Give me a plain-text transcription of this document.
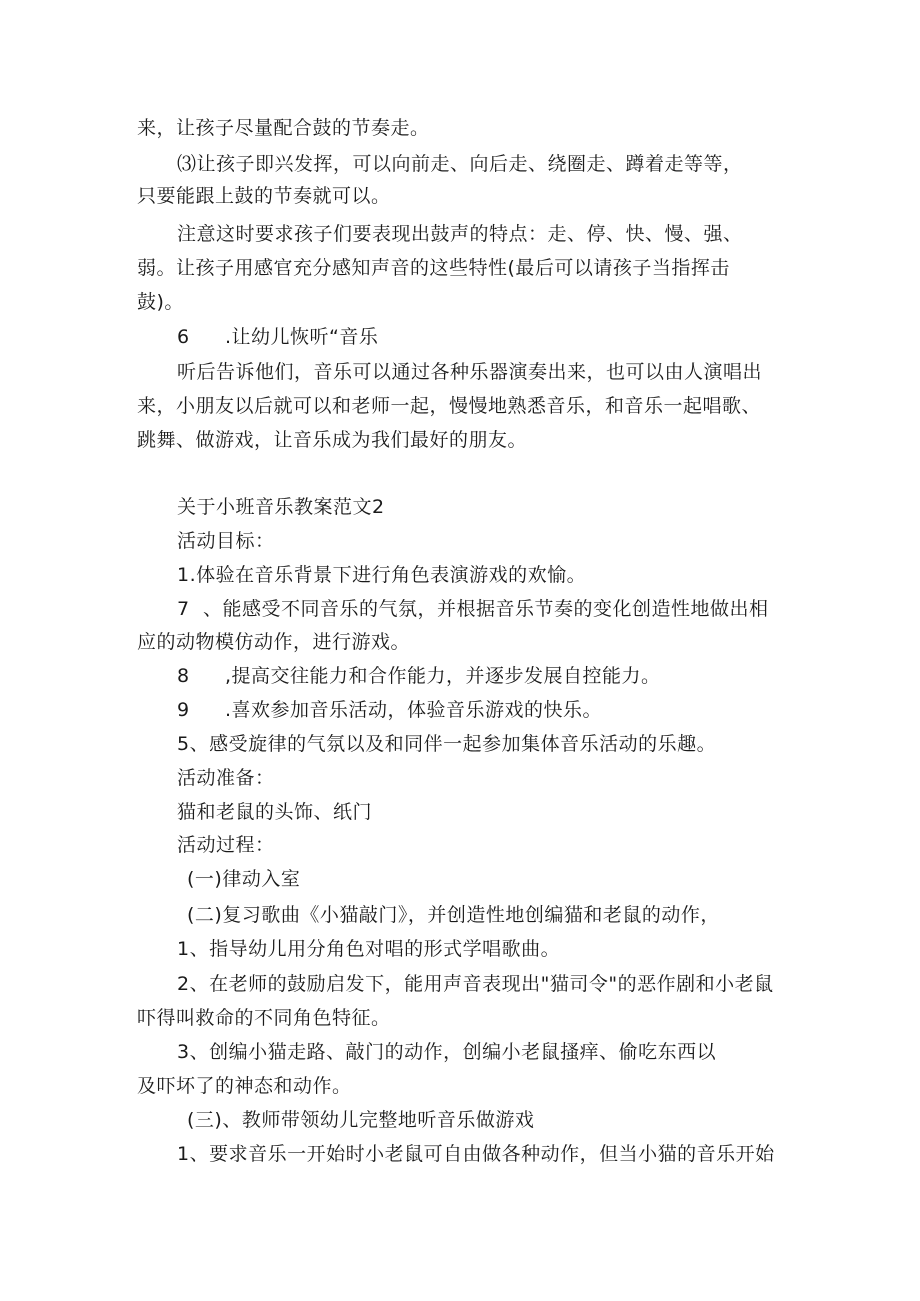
来，让孩子尽量配合鼓的节奏走。
⑶让孩子即兴发挥，可以向前走、向后走、绕圈走、蹲着走等等，
只要能跟上鼓的节奏就可以。
注意这时要求孩子们要表现出鼓声的特点：走、停、快、慢、强、
弱。让孩子用感官充分感知声音的这些特性(最后可以请孩子当指挥击
鼓)。
6 .让幼儿恢听“音乐
听后告诉他们，音乐可以通过各种乐器演奏出来，也可以由人演唱出
来，小朋友以后就可以和老师一起，慢慢地熟悉音乐，和音乐一起唱歌、
跳舞、做游戏，让音乐成为我们最好的朋友。
关于小班音乐教案范文2
活动目标：
1.体验在音乐背景下进行角色表演游戏的欢愉。
7 、能感受不同音乐的气氛，并根据音乐节奏的变化创造性地做出相
应的动物模仿动作，进行游戏。
8 ,提高交往能力和合作能力，并逐步发展自控能力。
9 .喜欢参加音乐活动，体验音乐游戏的快乐。
5、感受旋律的气氛以及和同伴一起参加集体音乐活动的乐趣。
活动准备：
猫和老鼠的头饰、纸门
活动过程：
(一)律动入室
(二)复习歌曲《小猫敲门》，并创造性地创编猫和老鼠的动作，
1、指导幼儿用分角色对唱的形式学唱歌曲。
2、在老师的鼓励启发下，能用声音表现出"猫司令"的恶作剧和小老鼠
吓得叫救命的不同角色特征。
3、创编小猫走路、敲门的动作，创编小老鼠搔痒、偷吃东西以
及吓坏了的神态和动作。
(三)、教师带领幼儿完整地听音乐做游戏
1、要求音乐一开始时小老鼠可自由做各种动作，但当小猫的音乐开始
